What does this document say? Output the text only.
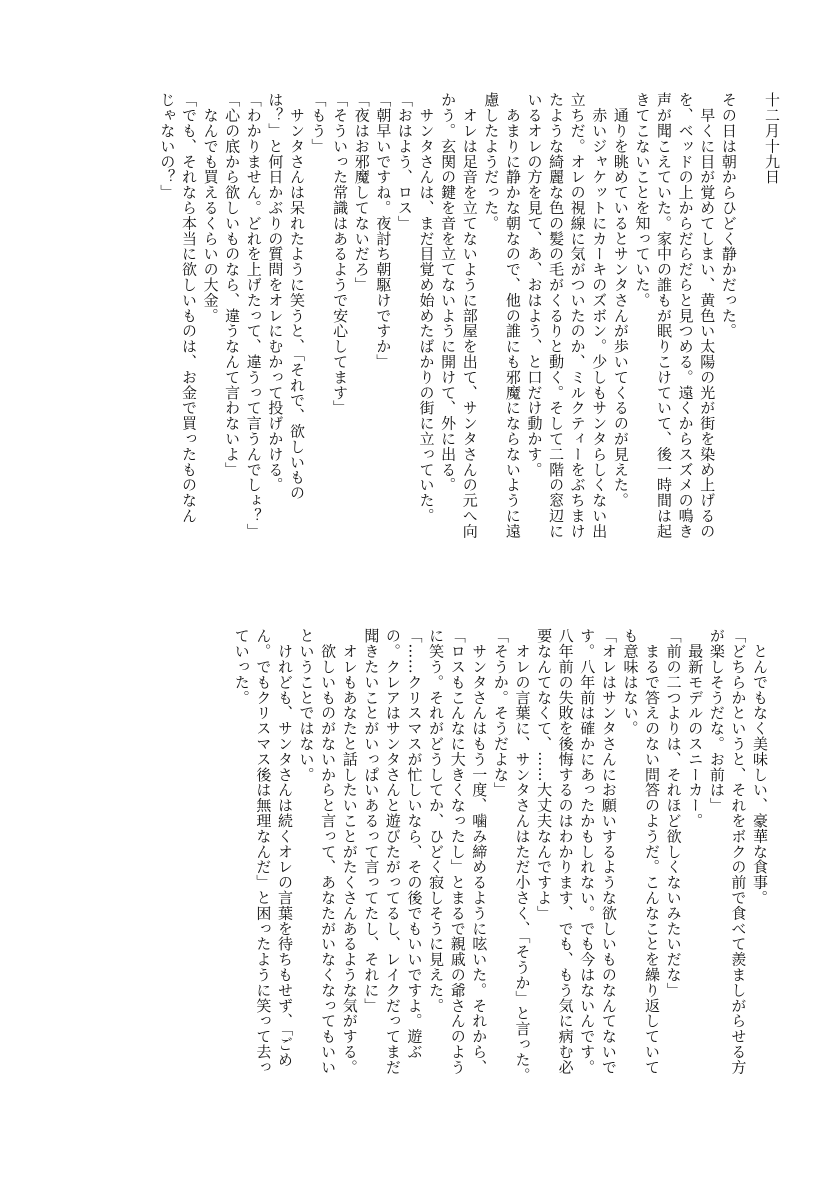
十二月十九日

その日は朝からひどく静かだった。
　早くに目が覚めてしまい、黄色い太陽の光が街を染め上げるの
を、ベッドの上からだらだらと見つめる。遠くからスズメの鳴き
声が聞こえていた。家中の誰もが眠りこけていて、後一時間は起
きてこないことを知っていた。
　通りを眺めているとサンタさんが歩いてくるのが見えた。
　赤いジャケットにカーキのズボン。少しもサンタらしくない出
立ちだ。オレの視線に気がついたのか、ミルクティーをぶちまけ
たような綺麗な色の髪の毛がくるりと動く。そして二階の窓辺に
いるオレの方を見て、あ、おはよう、と口だけ動かす。
　あまりに静かな朝なので、他の誰にも邪魔にならないように遠
慮したようだった。
　オレは足音を立てないように部屋を出て、サンタさんの元へ向
かう。玄関の鍵を音を立てないように開けて、外に出る。
　サンタさんは、まだ目覚め始めたばかりの街に立っていた。
「おはよう、ロス」
「朝早いですね。夜討ち朝駆けですか」
「夜はお邪魔してないだろ」
「そういった常識はあるようで安心してます」
「もう」
　サンタさんは呆れたように笑うと、「それで、欲しいもの
は？」と何日かぶりの質問をオレにむかって投げかける。
「わかりません。どれを上げたって、違うって言うんでしょ？」
「心の底から欲しいものなら、違うなんて言わないよ」
　なんでも買えるくらいの大金。
「でも、それなら本当に欲しいものは、お金で買ったものなん
じゃないの？」
　とんでもなく美味しい、豪華な食事。
「どちらかというと、それをボクの前で食べて羨ましがらせる方
が楽しそうだな。お前は」
　最新モデルのスニーカー。
「前の二つよりは、それほど欲しくないみたいだな」
　まるで答えのない問答のようだ。こんなことを繰り返していて
も意味はない。
「オレはサンタさんにお願いするような欲しいものなんてないで
す。八年前は確かにあったかもしれない。でも今はないんです。
八年前の失敗を後悔するのはわかります、でも、もう気に病む必
要なんてなくて、……大丈夫なんですよ」
　オレの言葉に、サンタさんはただ小さく、「そうか」と言った。
「そうか。そうだよな」
　サンタさんはもう一度、噛み締めるように呟いた。それから、
「ロスもこんなに大きくなったし」とまるで親戚の爺さんのよう
に笑う。それがどうしてか、ひどく寂しそうに見えた。
「……クリスマスが忙しいなら、その後でもいいですよ。遊ぶ
の。クレアはサンタさんと遊びたがってるし、レイクだってまだ
聞きたいことがいっぱいあるって言ってたし、それに」
　オレもあなたと話したいことがたくさんあるような気がする。
　欲しいものがないからと言って、あなたがいなくなってもいい
ということではない。
　けれども、サンタさんは続くオレの言葉を待ちもせず、「ごめ
ん。でもクリスマス後は無理なんだ」と困ったように笑って去っ
ていった。
